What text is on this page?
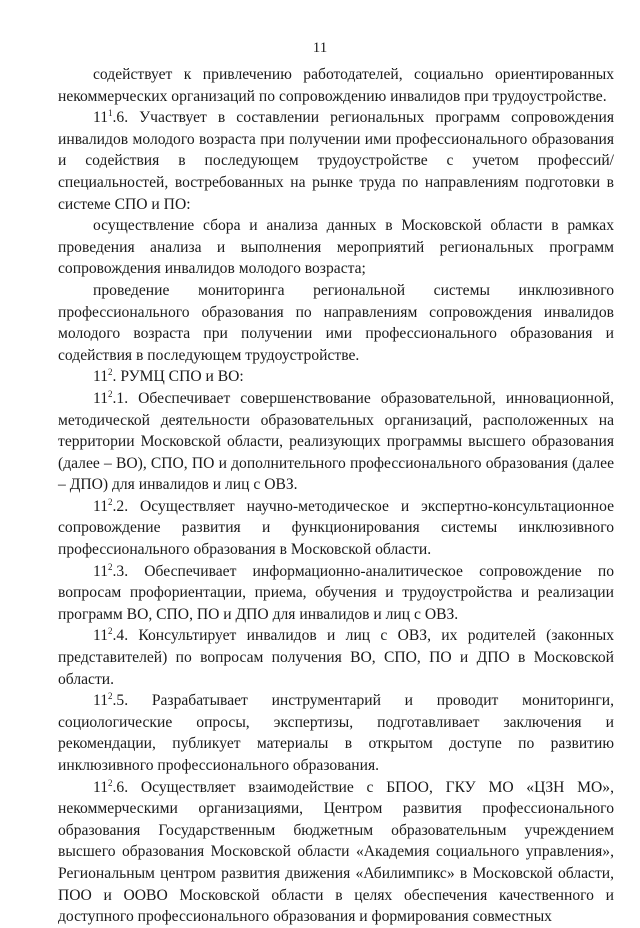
11

содействует к привлечению работодателей, социально ориентированных некоммерческих организаций по сопровождению инвалидов при трудоустройстве.

$11^1.6$. Участвует в составлении региональных программ сопровождения инвалидов молодого возраста при получении ими профессионального образования и содействия в последующем трудоустройстве с учетом профессий/специальностей, востребованных на рынке труда по направлениям подготовки в системе СПО и ПО:

осуществление сбора и анализа данных в Московской области в рамках проведения анализа и выполнения мероприятий региональных программ сопровождения инвалидов молодого возраста;

проведение мониторинга региональной системы инклюзивного профессионального образования по направлениям сопровождения инвалидов молодого возраста при получении ими профессионального образования и содействия в последующем трудоустройстве.

$11^2$. РУМЦ СПО и ВО:

$11^2.1$. Обеспечивает совершенствование образовательной, инновационной, методической деятельности образовательных организаций, расположенных на территории Московской области, реализующих программы высшего образования (далее – ВО), СПО, ПО и дополнительного профессионального образования (далее – ДПО) для инвалидов и лиц с ОВЗ.

$11^2.2$. Осуществляет научно-методическое и экспертно-консультационное сопровождение развития и функционирования системы инклюзивного профессионального образования в Московской области.

$11^2.3$. Обеспечивает информационно-аналитическое сопровождение по вопросам профориентации, приема, обучения и трудоустройства и реализации программ ВО, СПО, ПО и ДПО для инвалидов и лиц с ОВЗ.

$11^2.4$. Консультирует инвалидов и лиц с ОВЗ, их родителей (законных представителей) по вопросам получения ВО, СПО, ПО и ДПО в Московской области.

$11^2.5$. Разрабатывает инструментарий и проводит мониторинги, социологические опросы, экспертизы, подготавливает заключения и рекомендации, публикует материалы в открытом доступе по развитию инклюзивного профессионального образования.

$11^2.6$. Осуществляет взаимодействие с БПОО, ГКУ МО «ЦЗН МО», некоммерческими организациями, Центром развития профессионального образования Государственным бюджетным образовательным учреждением высшего образования Московской области «Академия социального управления», Региональным центром развития движения «Абилимпикс» в Московской области, ПОО и ООВО Московской области в целях обеспечения качественного и доступного профессионального образования и формирования совместных
